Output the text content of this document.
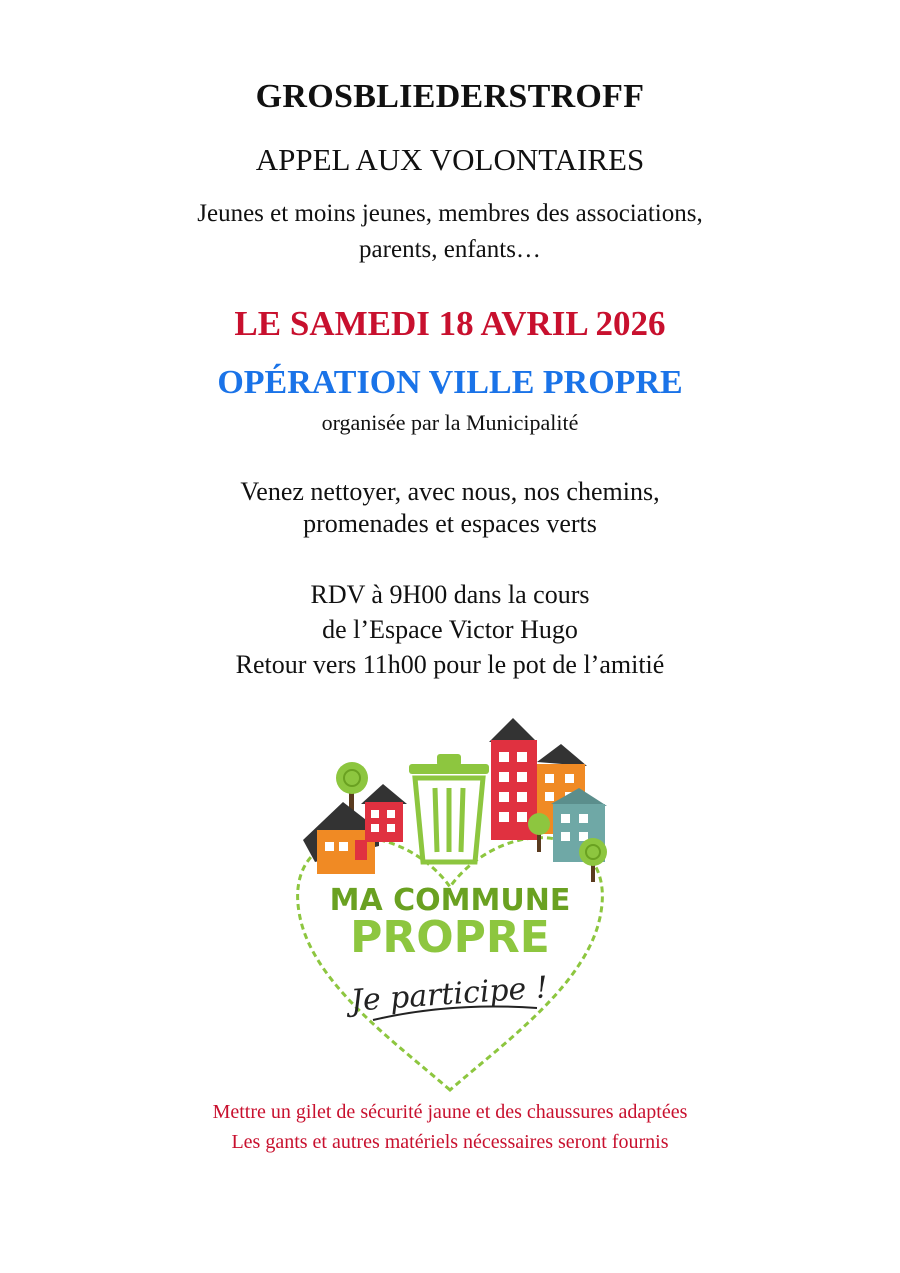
GROSBLIEDERSTROFF
APPEL AUX VOLONTAIRES
Jeunes et moins jeunes, membres des associations,
parents, enfants…
LE SAMEDI 18 AVRIL 2026
OPÉRATION VILLE PROPRE
organisée par la Municipalité
Venez nettoyer, avec nous, nos chemins,
promenades et espaces verts
RDV à 9H00 dans la cours
de l’Espace Victor Hugo
Retour vers 11h00 pour le pot de l’amitié
MA COMMUNE
PROPRE
Je participe !
Mettre un gilet de sécurité jaune et des chaussures adaptées
Les gants et autres matériels nécessaires seront fournis
